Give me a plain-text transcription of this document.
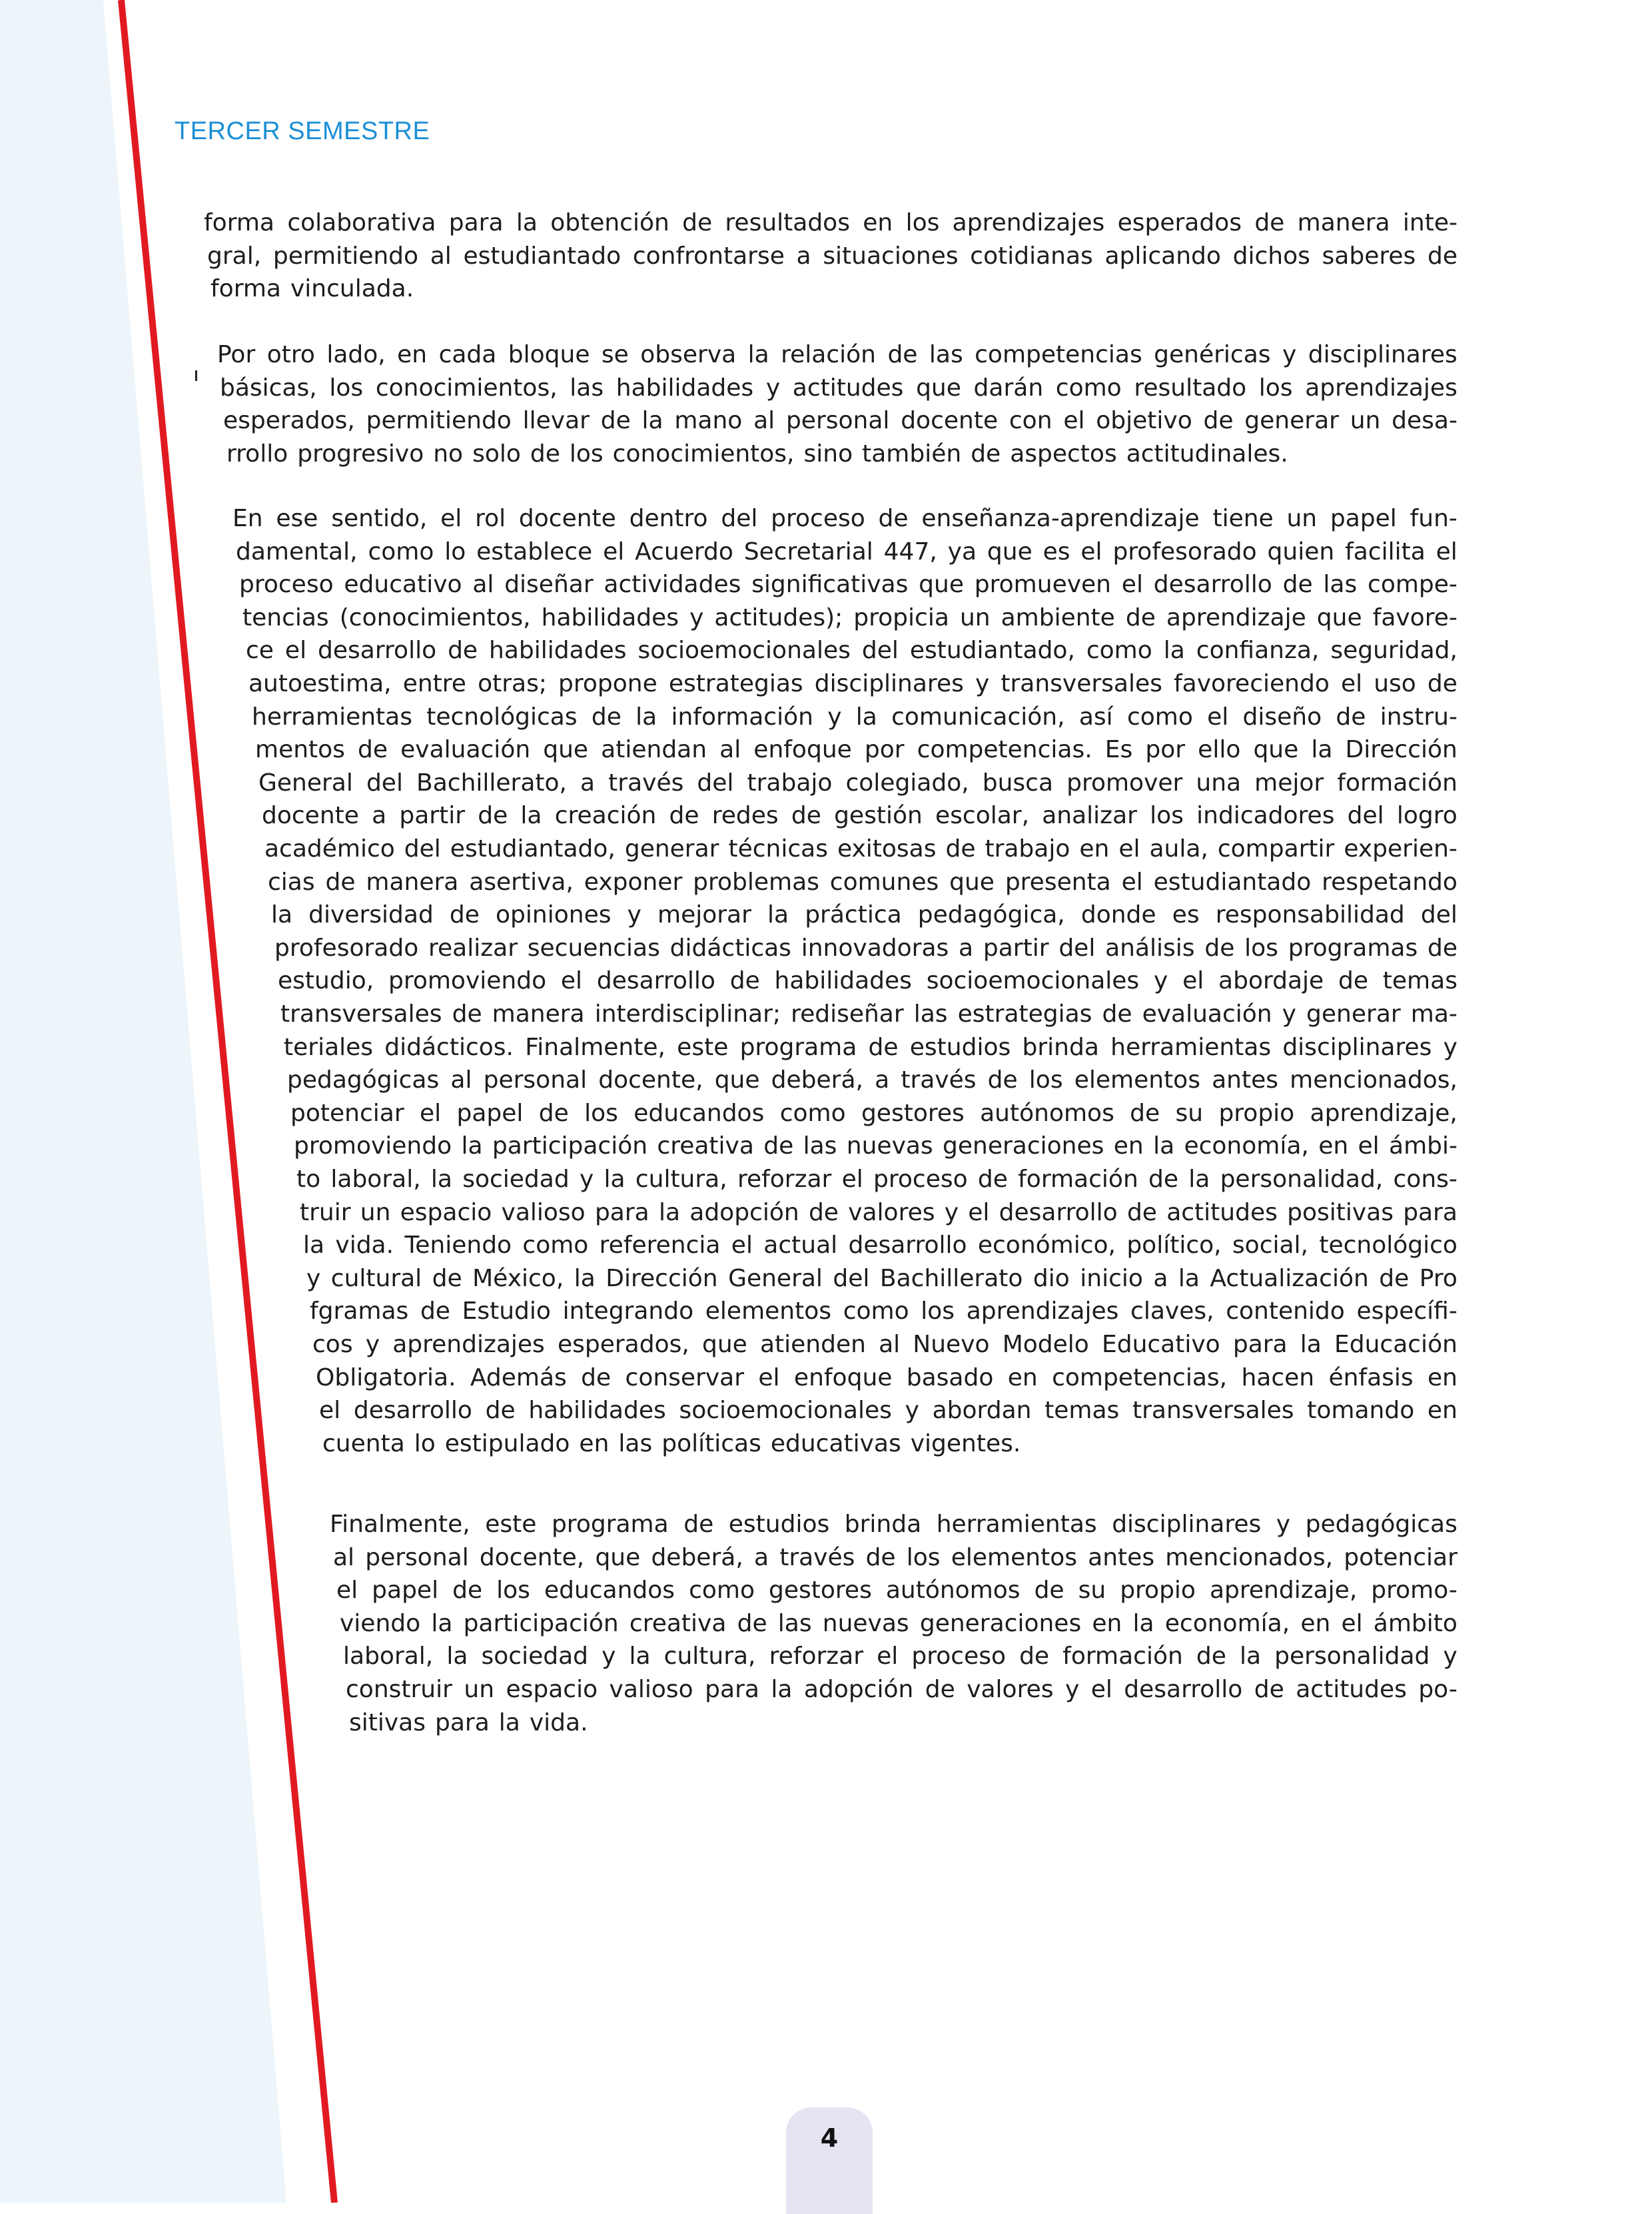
TERCER SEMESTRE
forma colaborativa para la obtención de resultados en los aprendizajes esperados de manera inte-
gral, permitiendo al estudiantado confrontarse a situaciones cotidianas aplicando dichos saberes de
forma vinculada.
Por otro lado, en cada bloque se observa la relación de las competencias genéricas y disciplinares
básicas, los conocimientos, las habilidades y actitudes que darán como resultado los aprendizajes
esperados, permitiendo llevar de la mano al personal docente con el objetivo de generar un desa-
rrollo progresivo no solo de los conocimientos, sino también de aspectos actitudinales.
En ese sentido, el rol docente dentro del proceso de enseñanza-aprendizaje tiene un papel fun-
damental, como lo establece el Acuerdo Secretarial 447, ya que es el profesorado quien facilita el
proceso educativo al diseñar actividades significativas que promueven el desarrollo de las compe-
tencias (conocimientos, habilidades y actitudes); propicia un ambiente de aprendizaje que favore-
ce el desarrollo de habilidades socioemocionales del estudiantado, como la confianza, seguridad,
autoestima, entre otras; propone estrategias disciplinares y transversales favoreciendo el uso de
herramientas tecnológicas de la información y la comunicación, así como el diseño de instru-
mentos de evaluación que atiendan al enfoque por competencias. Es por ello que la Dirección
General del Bachillerato, a través del trabajo colegiado, busca promover una mejor formación
docente a partir de la creación de redes de gestión escolar, analizar los indicadores del logro
académico del estudiantado, generar técnicas exitosas de trabajo en el aula, compartir experien-
cias de manera asertiva, exponer problemas comunes que presenta el estudiantado respetando
la diversidad de opiniones y mejorar la práctica pedagógica, donde es responsabilidad del
profesorado realizar secuencias didácticas innovadoras a partir del análisis de los programas de
estudio, promoviendo el desarrollo de habilidades socioemocionales y el abordaje de temas
transversales de manera interdisciplinar; rediseñar las estrategias de evaluación y generar ma-
teriales didácticos. Finalmente, este programa de estudios brinda herramientas disciplinares y
pedagógicas al personal docente, que deberá, a través de los elementos antes mencionados,
potenciar el papel de los educandos como gestores autónomos de su propio aprendizaje,
promoviendo la participación creativa de las nuevas generaciones en la economía, en el ámbi-
to laboral, la sociedad y la cultura, reforzar el proceso de formación de la personalidad, cons-
truir un espacio valioso para la adopción de valores y el desarrollo de actitudes positivas para
la vida. Teniendo como referencia el actual desarrollo económico, político, social, tecnológico
y cultural de México, la Dirección General del Bachillerato dio inicio a la Actualización de Pro
fgramas de Estudio integrando elementos como los aprendizajes claves, contenido específi-
cos y aprendizajes esperados, que atienden al Nuevo Modelo Educativo para la Educación
Obligatoria. Además de conservar el enfoque basado en competencias, hacen énfasis en
el desarrollo de habilidades socioemocionales y abordan temas transversales tomando en
cuenta lo estipulado en las políticas educativas vigentes.
Finalmente, este programa de estudios brinda herramientas disciplinares y pedagógicas
al personal docente, que deberá, a través de los elementos antes mencionados, potenciar
el papel de los educandos como gestores autónomos de su propio aprendizaje, promo-
viendo la participación creativa de las nuevas generaciones en la economía, en el ámbito
laboral, la sociedad y la cultura, reforzar el proceso de formación de la personalidad y
construir un espacio valioso para la adopción de valores y el desarrollo de actitudes po-
sitivas para la vida.
4
